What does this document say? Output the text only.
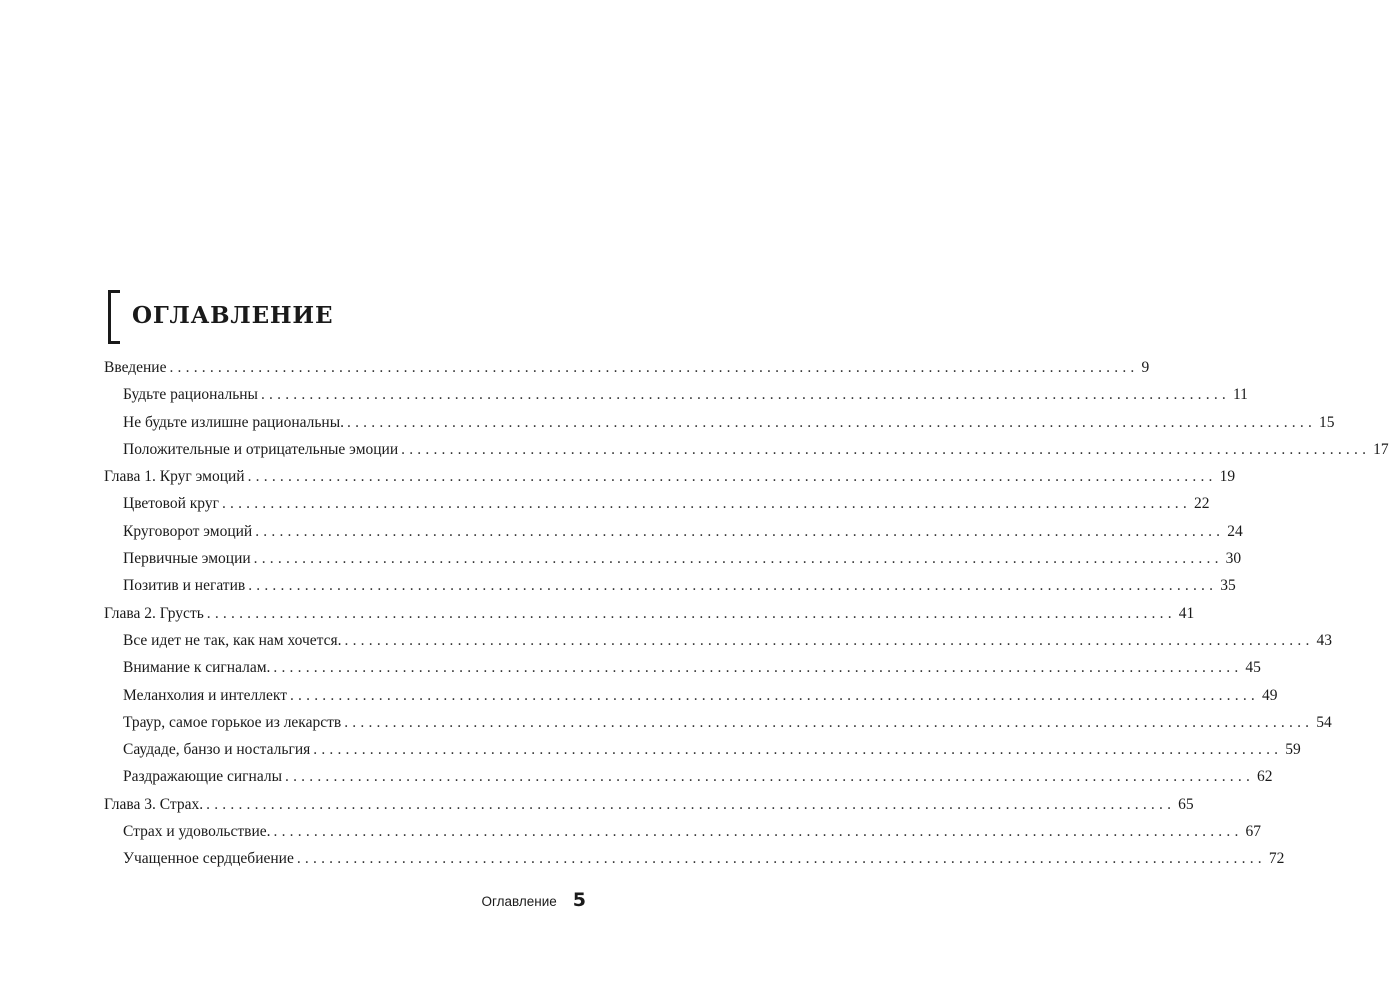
ОГЛАВЛЕНИЕ
Введение ........................................................................................................................ 9
Будьте рациональны ........................................................................................................................ 11
Не будьте излишне рациональны. ........................................................................................................................ 15
Положительные и отрицательные эмоции ........................................................................................................................ 17
Глава 1. Круг эмоций ........................................................................................................................ 19
Цветовой круг ........................................................................................................................ 22
Круговорот эмоций ........................................................................................................................ 24
Первичные эмоции ........................................................................................................................ 30
Позитив и негатив ........................................................................................................................ 35
Глава 2. Грусть ........................................................................................................................ 41
Все идет не так, как нам хочется. ........................................................................................................................ 43
Внимание к сигналам. ........................................................................................................................ 45
Меланхолия и интеллект ........................................................................................................................ 49
Траур, самое горькое из лекарств ........................................................................................................................ 54
Саудаде, банзо и ностальгия ........................................................................................................................ 59
Раздражающие сигналы ........................................................................................................................ 62
Глава 3. Страх. ........................................................................................................................ 65
Страх и удовольствие. ........................................................................................................................ 67
Учащенное сердцебиение ........................................................................................................................ 72
Оглавление 5
